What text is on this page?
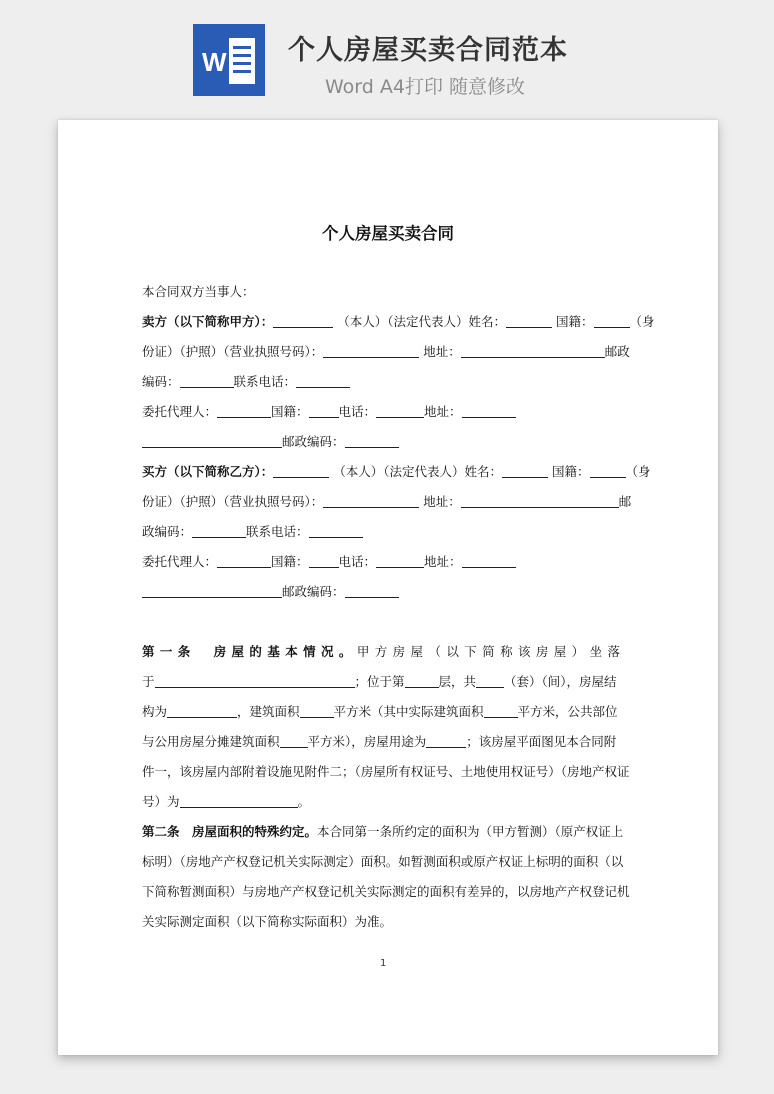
W 个人房屋买卖合同范本
Word A4打印 随意修改
个人房屋买卖合同
本合同双方当事人：
卖方（以下简称甲方）：	（本人）（法定代表人）姓名：	国籍：	（身
份证）（护照）（营业执照号码）：	地址：	邮政
编码：	联系电话：
委托代理人：	国籍： 电话：	地址：
邮政编码：
买方（以下简称乙方）：	（本人）（法定代表人）姓名：	国籍：	（身
份证）（护照）（营业执照号码）：	地址：	邮
政编码：	联系电话：
委托代理人：	国籍： 电话：	地址：
邮政编码：
第一条　房屋的基本情况。甲方房屋（以下简称该房屋）坐落
于	；位于第	层，共 （套）（间），房屋结
构为	，建筑面积	平方米（其中实际建筑面积	平方米，公共部位
与公用房屋分摊建筑面积 平方米），房屋用途为	；该房屋平面图见本合同附
件一，该房屋内部附着设施见附件二；（房屋所有权证号、土地使用权证号）（房地产权证
号）为	。
第二条　房屋面积的特殊约定。本合同第一条所约定的面积为（甲方暂测）（原产权证上
标明）（房地产产权登记机关实际测定）面积。如暂测面积或原产权证上标明的面积（以
下简称暂测面积）与房地产产权登记机关实际测定的面积有差异的，以房地产产权登记机
关实际测定面积（以下简称实际面积）为准。
1
